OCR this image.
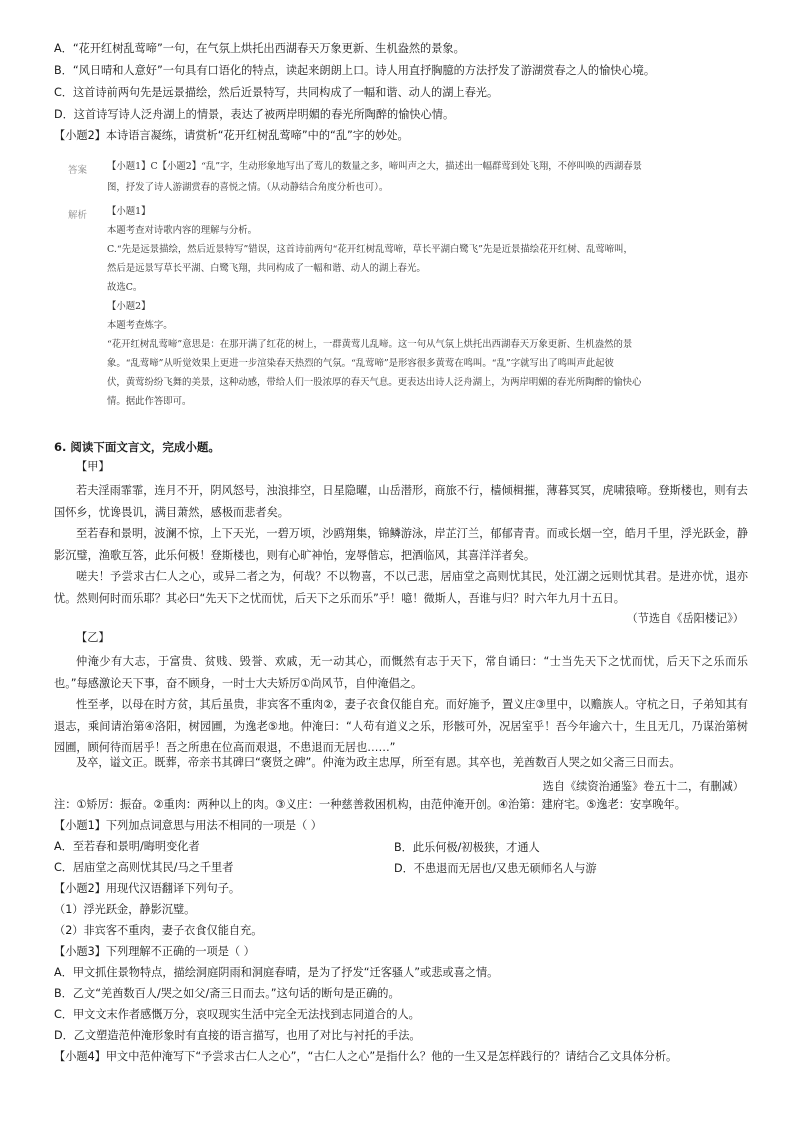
A．“花开红树乱莺啼”一句，在气氛上烘托出西湖春天万象更新、生机盎然的景象。
B．“风日晴和人意好”一句具有口语化的特点，读起来朗朗上口。诗人用直抒胸臆的方法抒发了游湖赏春之人的愉快心境。
C．这首诗前两句先是远景描绘，然后近景特写，共同构成了一幅和谐、动人的湖上春光。
D．这首诗写诗人泛舟湖上的情景，表达了被两岸明媚的春光所陶醉的愉快心情。
【小题2】本诗语言凝练，请赏析“花开红树乱莺啼”中的“乱”字的妙处。
答案 【小题1】C【小题2】“乱”字，生动形象地写出了莺儿的数量之多，啼叫声之大，描述出一幅群莺到处飞翔，不停叫唤的西湖春景
图，抒发了诗人游湖赏春的喜悦之情。（从动静结合角度分析也可）。
解析 【小题1】
本题考查对诗歌内容的理解与分析。
C.“先是远景描绘，然后近景特写”错误，这首诗前两句“花开红树乱莺啼，草长平湖白鹭飞”先是近景描绘花开红树、乱莺啼叫，
然后是远景写草长平湖、白鹭飞翔，共同构成了一幅和谐、动人的湖上春光。
故选C。
【小题2】
本题考查炼字。
“花开红树乱莺啼”意思是：在那开满了红花的树上，一群黄莺儿乱啼。这一句从气氛上烘托出西湖春天万象更新、生机盎然的景
象。“乱莺啼”从听觉效果上更进一步渲染春天热烈的气氛。“乱莺啼”是形容很多黄莺在鸣叫。“乱”字就写出了鸣叫声此起彼
伏，黄莺纷纷飞舞的美景，这种动感，带给人们一股浓厚的春天气息。更表达出诗人泛舟湖上，为两岸明媚的春光所陶醉的愉快心
情。据此作答即可。
6. 阅读下面文言文，完成小题。
【甲】
若夫淫雨霏霏，连月不开，阴风怒号，浊浪排空，日星隐曜，山岳潜形，商旅不行，樯倾楫摧，薄暮冥冥，虎啸猿啼。登斯楼也，则有去国怀乡，忧谗畏讥，满目萧然，感极而悲者矣。
至若春和景明，波澜不惊，上下天光，一碧万顷，沙鸥翔集，锦鳞游泳，岸芷汀兰，郁郁青青。而或长烟一空，皓月千里，浮光跃金，静影沉璧，渔歌互答，此乐何极！登斯楼也，则有心旷神怡，宠辱偕忘，把酒临风，其喜洋洋者矣。
嗟夫！予尝求古仁人之心，或异二者之为，何哉？不以物喜，不以己悲，居庙堂之高则忧其民，处江湖之远则忧其君。是进亦忧，退亦忧。然则何时而乐耶？其必曰“先天下之忧而忧，后天下之乐而乐”乎！噫！微斯人，吾谁与归？时六年九月十五日。
（节选自《岳阳楼记》）
【乙】
仲淹少有大志，于富贵、贫贱、毁誉、欢戚，无一动其心，而慨然有志于天下，常自诵曰：“士当先天下之忧而忧，后天下之乐而乐也。”每感激论天下事，奋不顾身，一时士大夫矫厉①尚风节，自仲淹倡之。
性至孝，以母在时方贫，其后虽贵，非宾客不重肉②，妻子衣食仅能自充。而好施予，置义庄③里中，以赡族人。守杭之日，子弟知其有退志，乘间请治第④洛阳，树园圃，为逸老⑤地。仲淹曰：“人苟有道义之乐，形骸可外，况居室乎！吾今年逾六十，生且无几，乃谋治第树园圃，顾何待而居乎！吾之所患在位高而艰退，不患退而无居也……”
及卒，谥文正。既葬，帝亲书其碑曰“褒贤之碑”。仲淹为政主忠厚，所至有恩。其卒也，羌酋数百人哭之如父斋三日而去。
选自《续资治通鉴》卷五十二，有删减）
注：①矫厉：振奋。②重肉：两种以上的肉。③义庄：一种慈善救困机构，由范仲淹开创。④治第：建府宅。⑤逸老：安享晚年。
【小题1】下列加点词意思与用法不相同的一项是（ ）
A．至若春和景明/晦明变化者	B．此乐何极/初极狭，才通人
C．居庙堂之高则忧其民/马之千里者	D．不患退而无居也/又患无硕师名人与游
【小题2】用现代汉语翻译下列句子。
（1）浮光跃金，静影沉璧。
（2）非宾客不重肉，妻子衣食仅能自充。
【小题3】下列理解不正确的一项是（ ）
A．甲文抓住景物特点，描绘洞庭阴雨和洞庭春晴，是为了抒发“迁客骚人”或悲或喜之情。
B．乙文“羌酋数百人/哭之如父/斋三日而去。”这句话的断句是正确的。
C．甲文文末作者感慨万分，哀叹现实生活中完全无法找到志同道合的人。
D．乙文塑造范仲淹形象时有直接的语言描写，也用了对比与衬托的手法。
【小题4】甲文中范仲淹写下“予尝求古仁人之心”，“古仁人之心”是指什么？他的一生又是怎样践行的？请结合乙文具体分析。
